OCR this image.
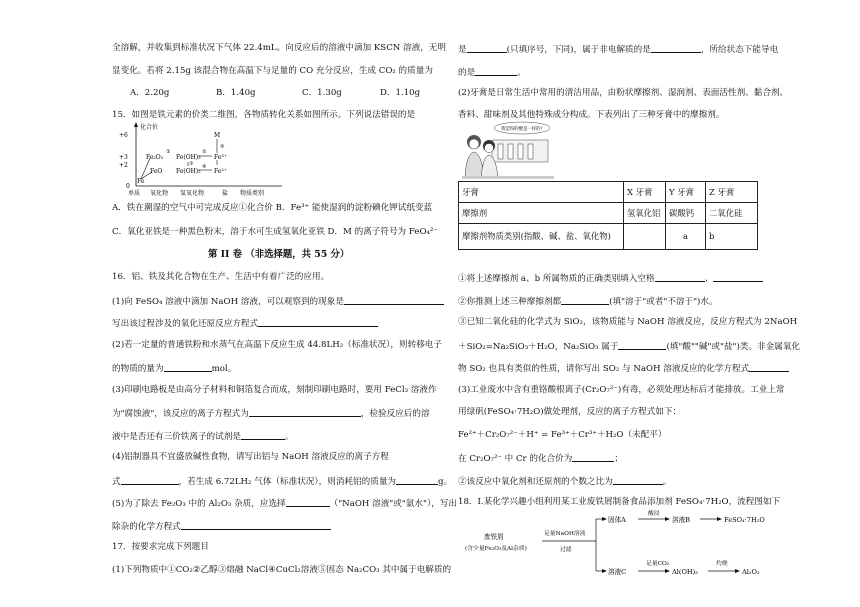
全溶解，并收集到标准状况下气体 22.4mL。向反应后的溶液中滴加 KSCN 溶液，无明
显变化。若将 2.15g 该混合物在高温下与足量的 CO 充分反应，生成 CO₂ 的质量为
A．2.20g	B．1.40g	C．1.30g	D．1.10g
15．如图是铁元素的价类二维图，各物质转化关系如图所示。下列说法错误的是
化合价
+6
+3
+2
0
单质 氧化物 氢氧化物	盐 物质类别
Fe₂O₃ Fe(OH)₃ Fe³⁺
FeO Fe(OH)₂ Fe²⁺
Fe
M
①	②
③ ④
⑤
A．铁在潮湿的空气中可完成反应①化合价 B．Fe³⁺ 能使湿润的淀粉碘化钾试纸变蓝
C．氧化亚铁是一种黑色粉末，溶于水可生成氢氧化亚铁 D．M 的离子符号为 FeO₄²⁻
第 II 卷 （非选择题，共 55 分）
16．铝、铁及其化合物在生产、生活中有着广泛的应用。
(1)向 FeSO₄ 溶液中滴加 NaOH 溶液，可以观察到的现象是
写出该过程涉及的氧化还原反应方程式
(2)若一定量的普通铁粉和水蒸气在高温下反应生成 44.8LH₂（标准状况），则转移电子
的物质的量为	mol。
(3)印刷电路板是由高分子材料和铜箔复合而成，刻制印刷电路时，要用 FeCl₃ 溶液作
为"腐蚀液"，该反应的离子方程式为	，检验反应后的溶
液中是否还有三价铁离子的试剂是	。
(4)铝制器具不宜盛放碱性食物，请写出铝与 NaOH 溶液反应的离子方程
式	，若生成 6.72LH₂ 气体（标准状况），则消耗铝的质量为	g。
(5)为了除去 Fe₂O₃ 中的 Al₂O₃ 杂质，应选择	（"NaOH 溶液"或"氨水"），写出
除杂的化学方程式
17．按要求完成下列题目
(1)下列物质中①CO₂②乙醇③熔融 NaCl④CuCl₂溶液⑤固态 Na₂CO₃ 其中属于电解质的
是	(只填序号，下同)，属于非电解质的是	，所给状态下能导电
的是	。
(2)牙膏是日常生活中常用的清洁用品，由粉状摩擦剂、湿润剂、表面活性剂、黏合剂、
香料、甜味剂及其他特殊成分构成。下表列出了三种牙膏中的摩擦剂。
我觉得的酸是一样的!
牙膏	X 牙膏	Y 牙膏	Z 牙膏
摩擦剂	氢氧化铝	碳酸钙	二氧化硅
摩擦剂物质类别(指酸、碱、盐、氧化物)		a	b
①将上述摩擦剂 a、b 所属物质的正确类别填入空格	、
②你推测上述三种摩擦剂都	(填"溶于"或者"不溶于")水。
③已知二氧化硅的化学式为 SiO₂，该物质能与 NaOH 溶液反应，反应方程式为 2NaOH
＋SiO₂=Na₂SiO₃＋H₂O，Na₂SiO₃ 属于	(填"酸""碱"或"盐")类。非金属氧化
物 SO₂ 也具有类似的性质，请你写出 SO₂ 与 NaOH 溶液反应的化学方程式
(3)工业废水中含有重铬酸根离子(Cr₂O₇²⁻)有毒，必须处理达标后才能排放。工业上常
用绿矾(FeSO₄·7H₂O)做处理剂，反应的离子方程式如下：
Fe²⁺＋Cr₂O₇²⁻＋H⁺ = Fe³⁺＋Cr³⁺＋H₂O（未配平）
在 Cr₂O₇²⁻ 中 Cr 的化合价为	；
②该反应中氧化剂和还原剂的个数之比为	。
18．Ⅰ.某化学兴趣小组利用某工业废铁屑制备食品添加剂 FeSO₄·7H₂O，流程图如下
废铁屑
(含少量Fe₂O₃及Al杂质)
足量NaOH溶液
过滤
固体A
酸浸
溶液B	FeSO₄·7H₂O
溶液C
足量CO₂
Al(OH)₃
灼烧
Al₂O₃
